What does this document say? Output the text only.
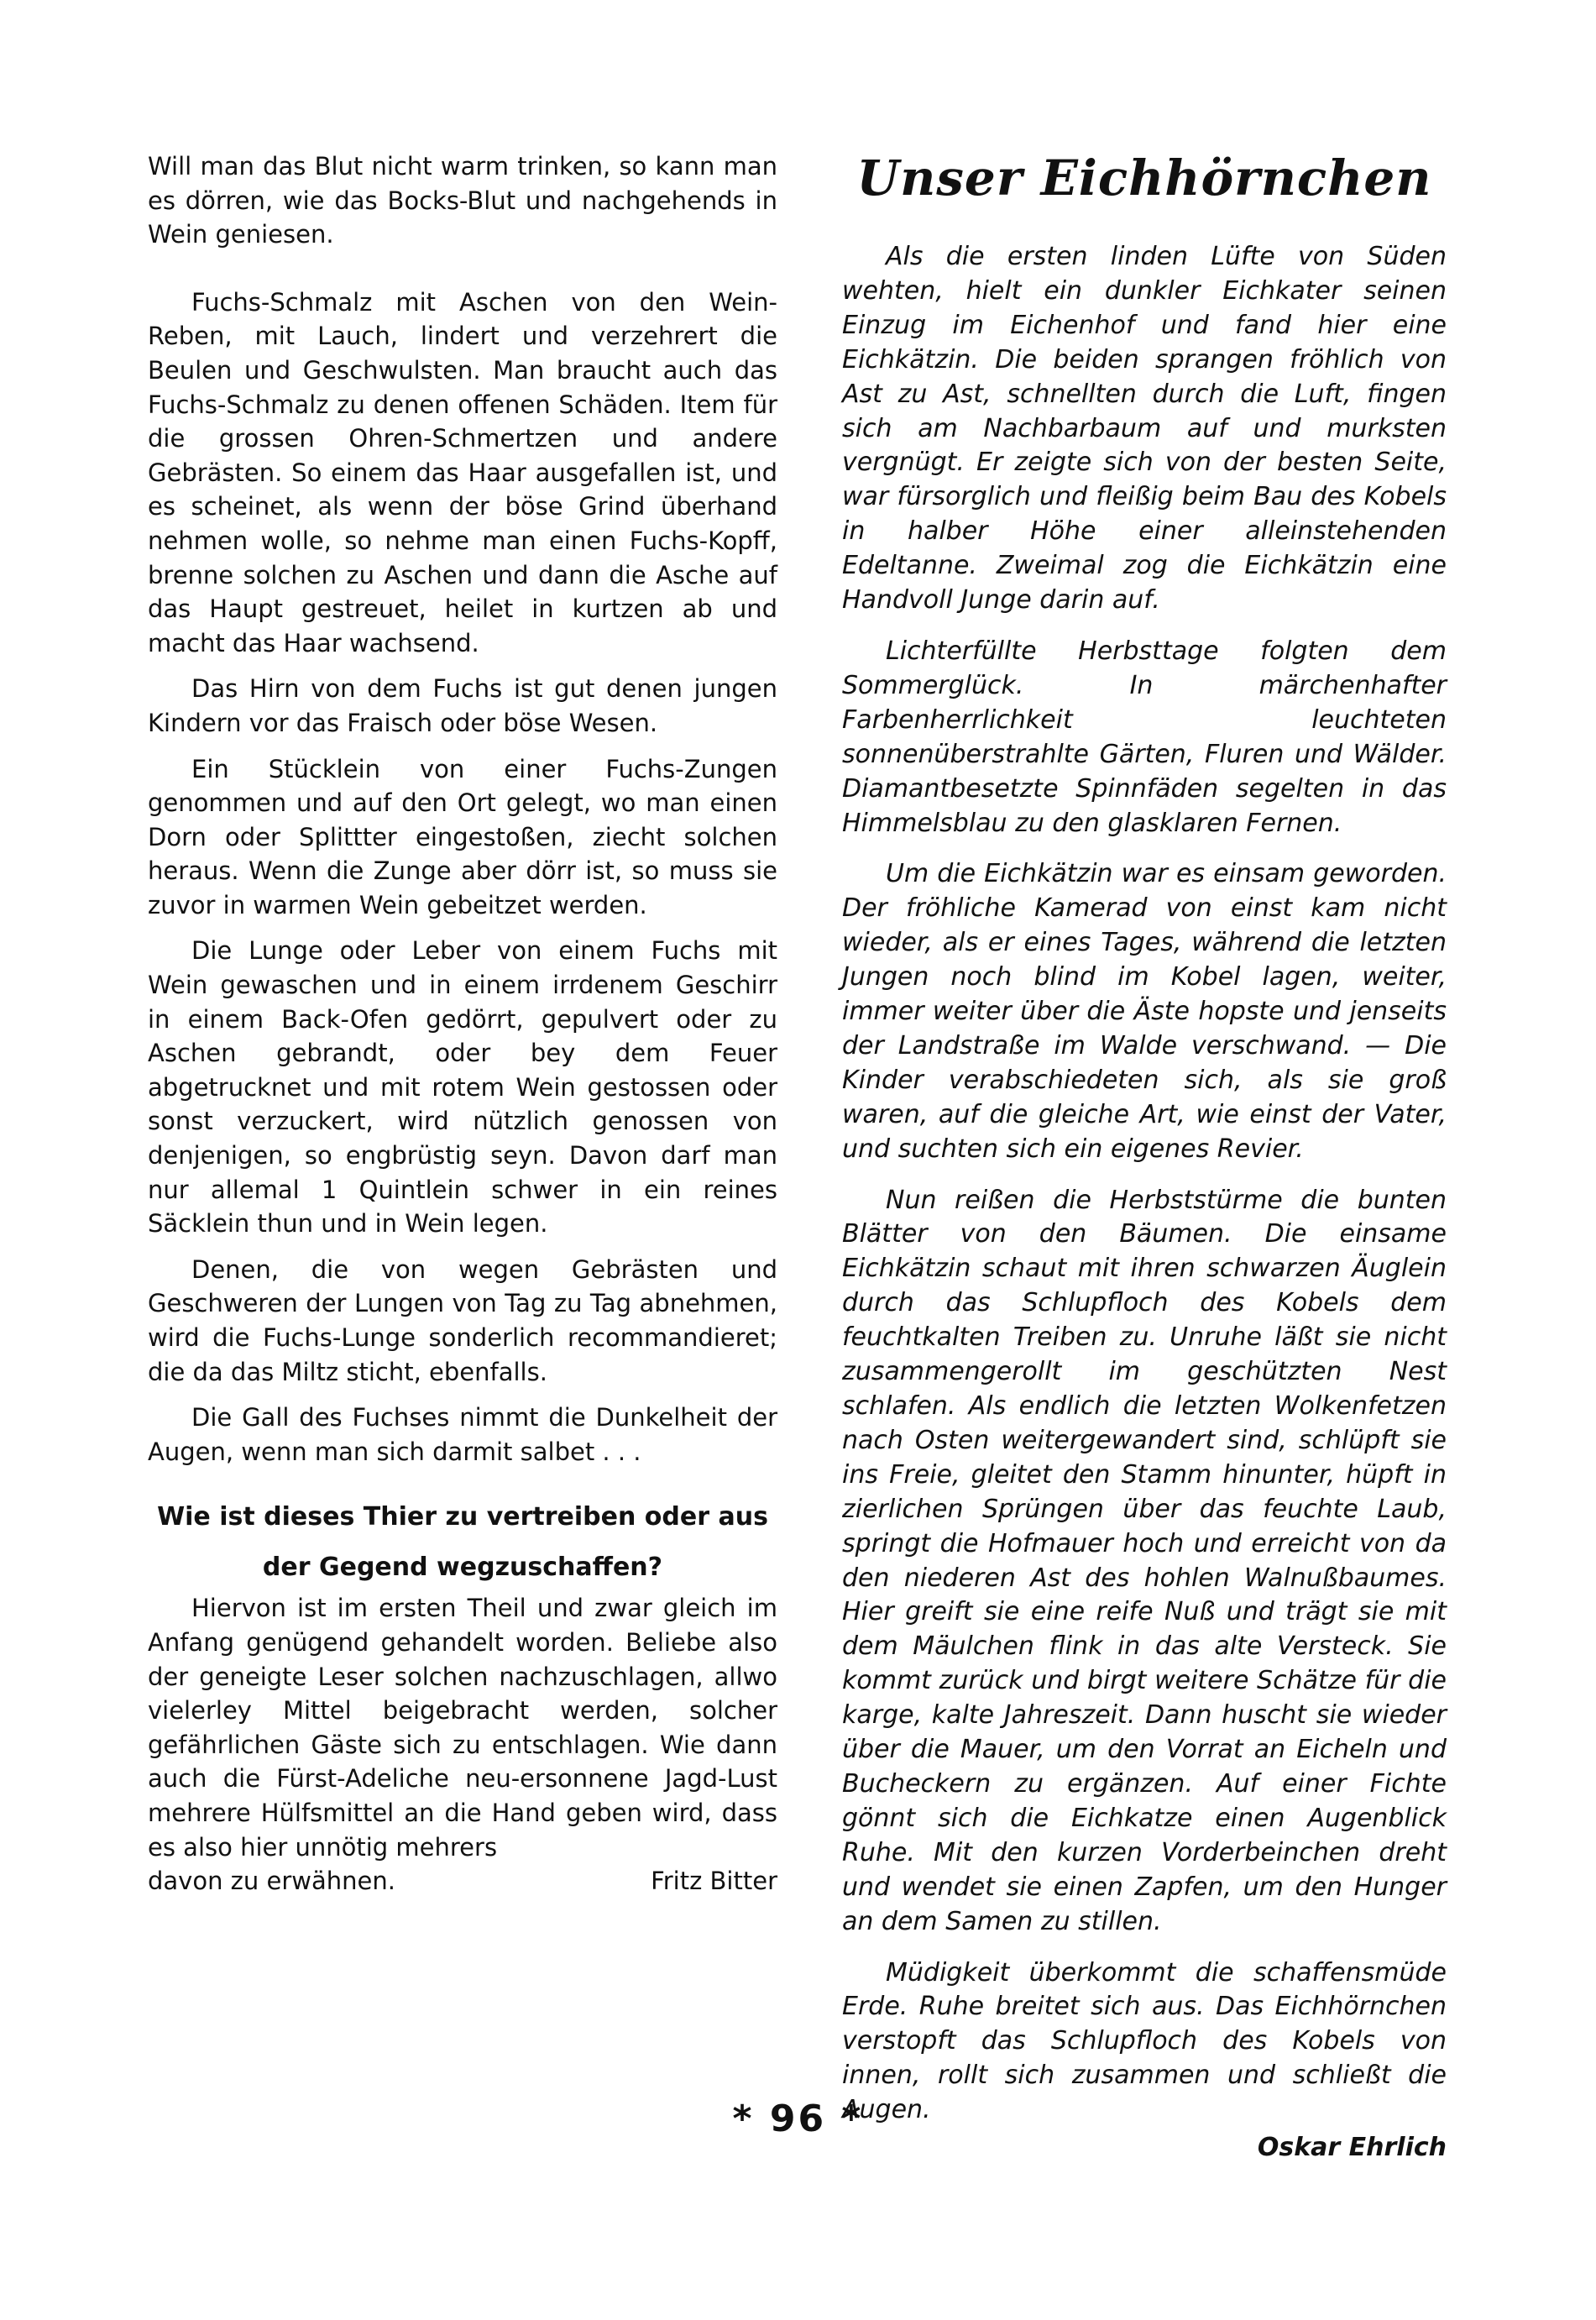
Will man das Blut nicht warm trinken, so kann man es dörren, wie das Bocks-Blut und nachgehends in Wein geniesen.

Fuchs-Schmalz mit Aschen von den Wein-Reben, mit Lauch, lindert und verzehrert die Beulen und Geschwulsten. Man braucht auch das Fuchs-Schmalz zu denen offenen Schäden. Item für die grossen Ohren-Schmertzen und andere Gebrästen. So einem das Haar ausgefallen ist, und es scheinet, als wenn der böse Grind überhand nehmen wolle, so nehme man einen Fuchs-Kopff, brenne solchen zu Aschen und dann die Asche auf das Haupt gestreuet, heilet in kurtzen ab und macht das Haar wachsend.

Das Hirn von dem Fuchs ist gut denen jungen Kindern vor das Fraisch oder böse Wesen.

Ein Stücklein von einer Fuchs-Zungen genommen und auf den Ort gelegt, wo man einen Dorn oder Splittter eingestoßen, ziecht solchen heraus. Wenn die Zunge aber dörr ist, so muss sie zuvor in warmen Wein gebeitzet werden.

Die Lunge oder Leber von einem Fuchs mit Wein gewaschen und in einem irrdenem Geschirr in einem Back-Ofen gedörrt, gepulvert oder zu Aschen gebrandt, oder bey dem Feuer abgetrucknet und mit rotem Wein gestossen oder sonst verzuckert, wird nützlich genossen von denjenigen, so engbrüstig seyn. Davon darf man nur allemal 1 Quintlein schwer in ein reines Säcklein thun und in Wein legen.

Denen, die von wegen Gebrästen und Geschweren der Lungen von Tag zu Tag abnehmen, wird die Fuchs-Lunge sonderlich recommandieret; die da das Miltz sticht, ebenfalls.

Die Gall des Fuchses nimmt die Dunkelheit der Augen, wenn man sich darmit salbet . . .

Wie ist dieses Thier zu vertreiben oder aus
der Gegend wegzuschaffen?

Hiervon ist im ersten Theil und zwar gleich im Anfang genügend gehandelt worden. Beliebe also der geneigte Leser solchen nachzuschlagen, allwo vielerley Mittel beigebracht werden, solcher gefährlichen Gäste sich zu entschlagen. Wie dann auch die Fürst-Adeliche neu-ersonnene Jagd-Lust mehrere Hülfsmittel an die Hand geben wird, dass es also hier unnötig mehrers

davon zu erwähnen.	Fritz Bitter

Unser Eichhörnchen

Als die ersten linden Lüfte von Süden wehten, hielt ein dunkler Eichkater seinen Einzug im Eichenhof und fand hier eine Eichkätzin. Die beiden sprangen fröhlich von Ast zu Ast, schnellten durch die Luft, fingen sich am Nachbarbaum auf und murksten vergnügt. Er zeigte sich von der besten Seite, war fürsorglich und fleißig beim Bau des Kobels in halber Höhe einer alleinstehenden Edeltanne. Zweimal zog die Eichkätzin eine Handvoll Junge darin auf.

Lichterfüllte Herbsttage folgten dem Sommerglück. In märchenhafter Farbenherrlichkeit leuchteten sonnenüberstrahlte Gärten, Fluren und Wälder. Diamantbesetzte Spinnfäden segelten in das Himmelsblau zu den glasklaren Fernen.

Um die Eichkätzin war es einsam geworden. Der fröhliche Kamerad von einst kam nicht wieder, als er eines Tages, während die letzten Jungen noch blind im Kobel lagen, weiter, immer weiter über die Äste hopste und jenseits der Landstraße im Walde verschwand. — Die Kinder verabschiedeten sich, als sie groß waren, auf die gleiche Art, wie einst der Vater, und suchten sich ein eigenes Revier.

Nun reißen die Herbststürme die bunten Blätter von den Bäumen. Die einsame Eichkätzin schaut mit ihren schwarzen Äuglein durch das Schlupfloch des Kobels dem feuchtkalten Treiben zu. Unruhe läßt sie nicht zusammengerollt im geschützten Nest schlafen. Als endlich die letzten Wolkenfetzen nach Osten weitergewandert sind, schlüpft sie ins Freie, gleitet den Stamm hinunter, hüpft in zierlichen Sprüngen über das feuchte Laub, springt die Hofmauer hoch und erreicht von da den niederen Ast des hohlen Walnußbaumes. Hier greift sie eine reife Nuß und trägt sie mit dem Mäulchen flink in das alte Versteck. Sie kommt zurück und birgt weitere Schätze für die karge, kalte Jahreszeit. Dann huscht sie wieder über die Mauer, um den Vorrat an Eicheln und Bucheckern zu ergänzen. Auf einer Fichte gönnt sich die Eichkatze einen Augenblick Ruhe. Mit den kurzen Vorderbeinchen dreht und wendet sie einen Zapfen, um den Hunger an dem Samen zu stillen.

Müdigkeit überkommt die schaffensmüde Erde. Ruhe breitet sich aus. Das Eichhörnchen verstopft das Schlupfloch des Kobels von innen, rollt sich zusammen und schließt die Augen.

Oskar Ehrlich
* 96 *
